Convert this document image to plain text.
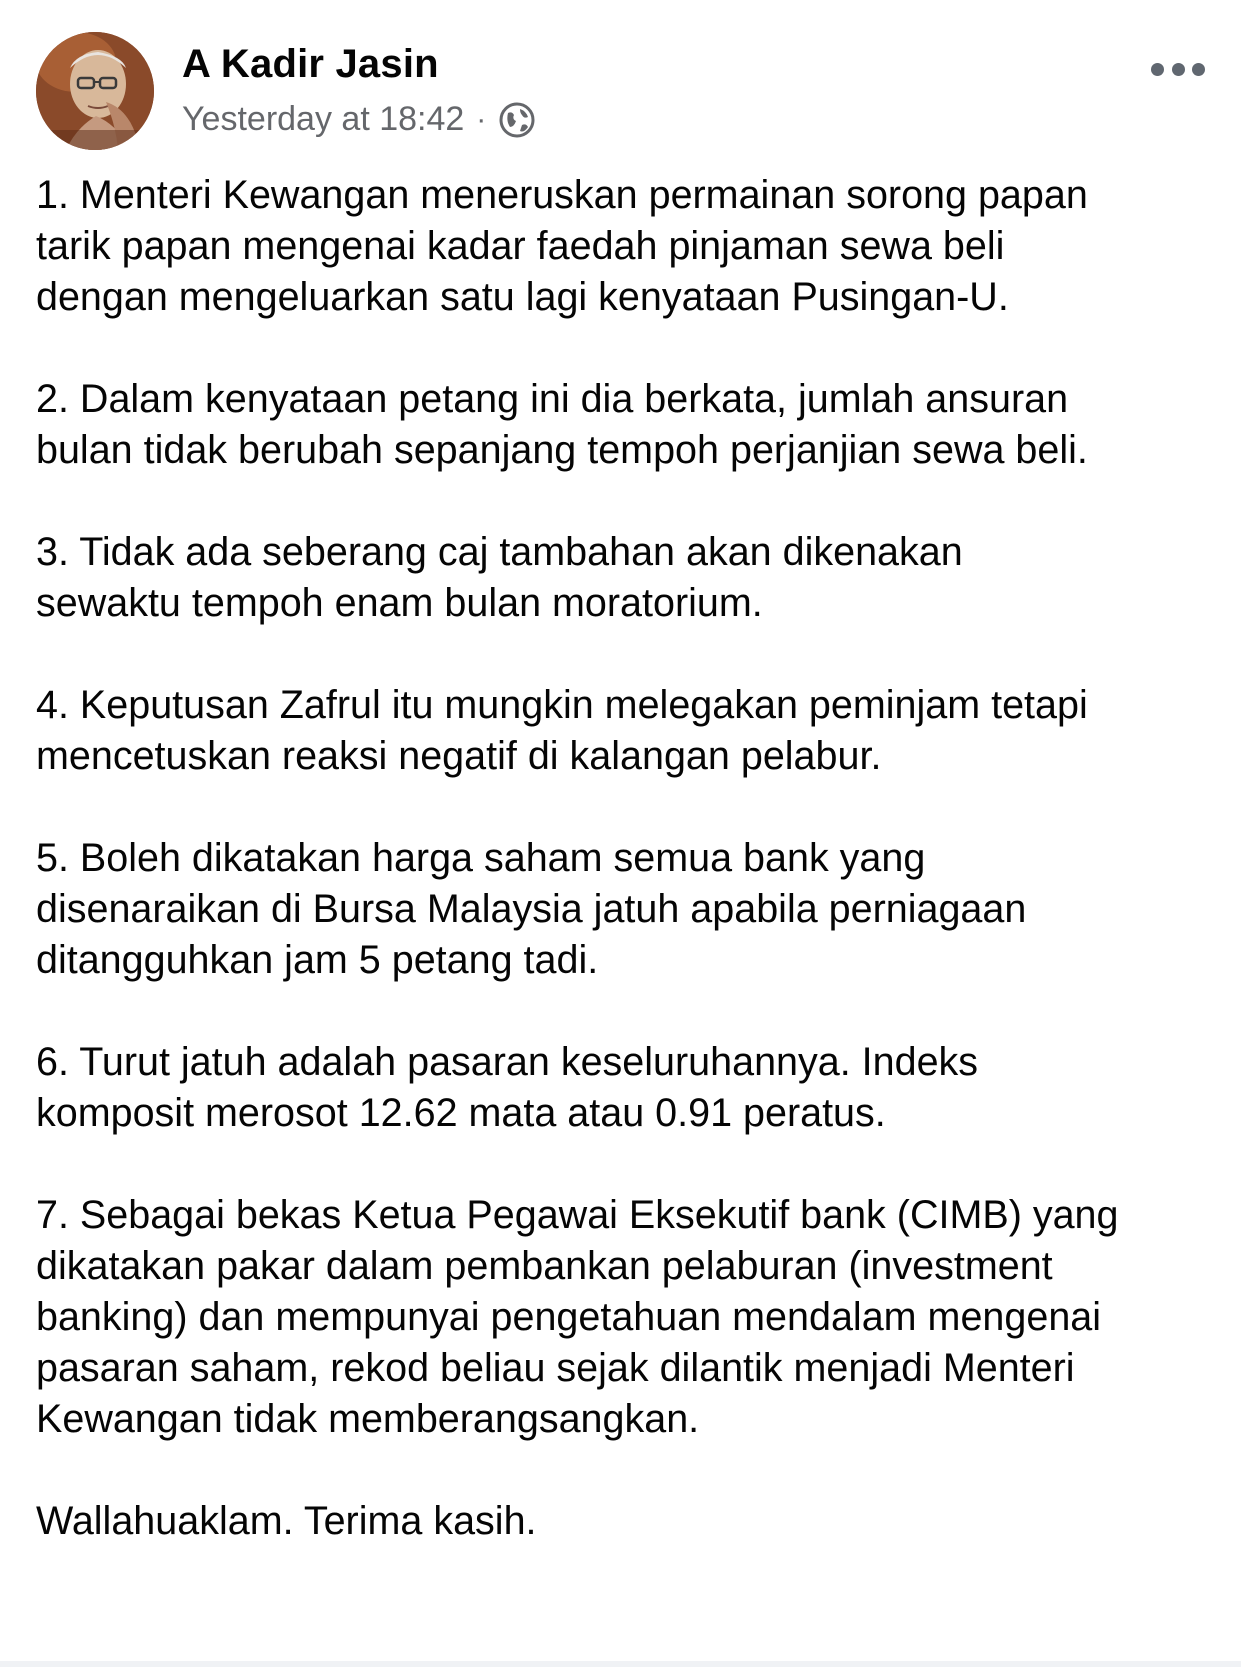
A Kadir Jasin
Yesterday at 18:42 ·

1. Menteri Kewangan meneruskan permainan sorong papan
tarik papan mengenai kadar faedah pinjaman sewa beli
dengan mengeluarkan satu lagi kenyataan Pusingan-U.

2. Dalam kenyataan petang ini dia berkata, jumlah ansuran
bulan tidak berubah sepanjang tempoh perjanjian sewa beli.

3. Tidak ada seberang caj tambahan akan dikenakan
sewaktu tempoh enam bulan moratorium.

4. Keputusan Zafrul itu mungkin melegakan peminjam tetapi
mencetuskan reaksi negatif di kalangan pelabur.

5. Boleh dikatakan harga saham semua bank yang
disenaraikan di Bursa Malaysia jatuh apabila perniagaan
ditangguhkan jam 5 petang tadi.

6. Turut jatuh adalah pasaran keseluruhannya. Indeks
komposit merosot 12.62 mata atau 0.91 peratus.

7. Sebagai bekas Ketua Pegawai Eksekutif bank (CIMB) yang
dikatakan pakar dalam pembankan pelaburan (investment
banking) dan mempunyai pengetahuan mendalam mengenai
pasaran saham, rekod beliau sejak dilantik menjadi Menteri
Kewangan tidak memberangsangkan.

Wallahuaklam. Terima kasih.
